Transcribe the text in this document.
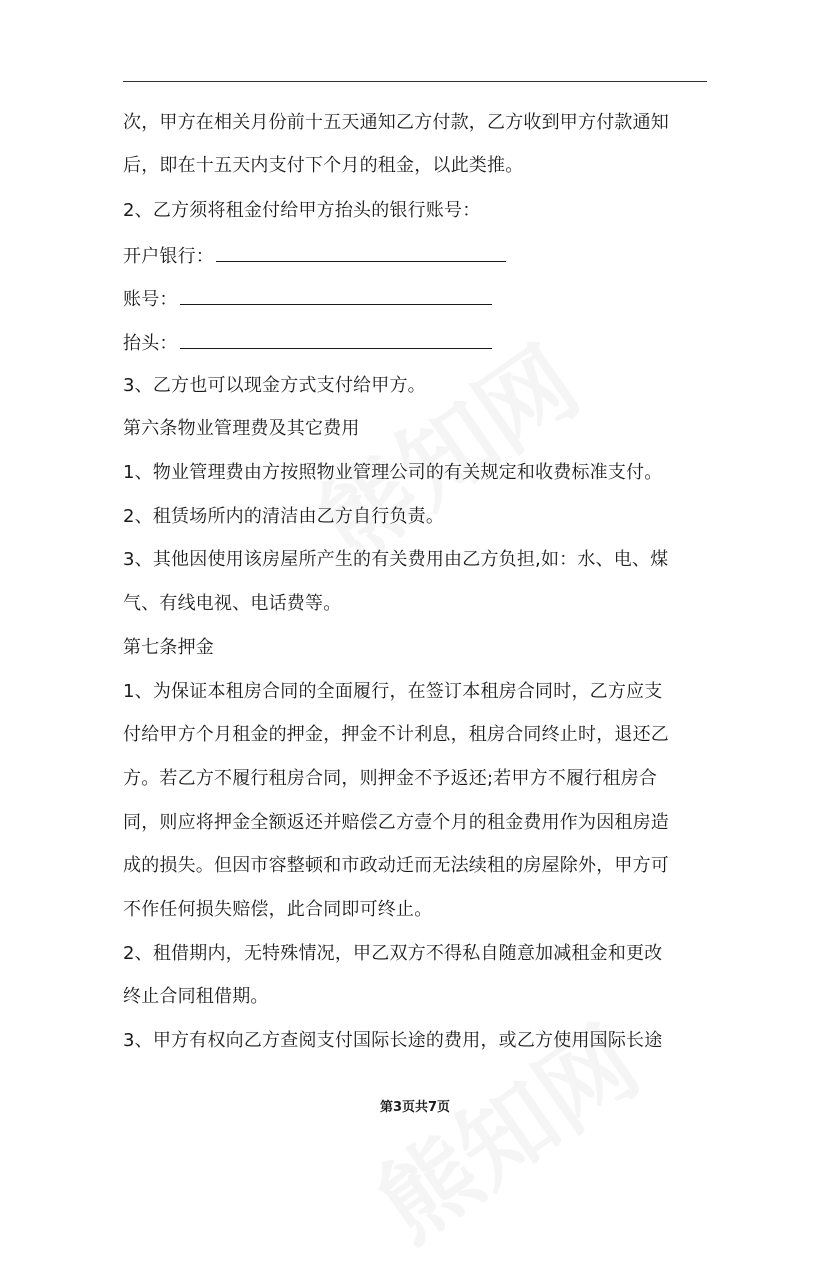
次，甲方在相关月份前十五天通知乙方付款，乙方收到甲方付款通知
后，即在十五天内支付下个月的租金，以此类推。
2、乙方须将租金付给甲方抬头的银行账号：
开户银行：
账号：
抬头：
3、乙方也可以现金方式支付给甲方。
第六条物业管理费及其它费用
1、物业管理费由方按照物业管理公司的有关规定和收费标准支付。
2、租赁场所内的清洁由乙方自行负责。
3、其他因使用该房屋所产生的有关费用由乙方负担,如：水、电、煤
气、有线电视、电话费等。
第七条押金
1、为保证本租房合同的全面履行，在签订本租房合同时，乙方应支
付给甲方个月租金的押金，押金不计利息，租房合同终止时，退还乙
方。若乙方不履行租房合同，则押金不予返还;若甲方不履行租房合
同，则应将押金全额返还并赔偿乙方壹个月的租金费用作为因租房造
成的损失。但因市容整顿和市政动迁而无法续租的房屋除外，甲方可
不作任何损失赔偿，此合同即可终止。
2、租借期内，无特殊情况，甲乙双方不得私自随意加减租金和更改
终止合同租借期。
3、甲方有权向乙方查阅支付国际长途的费用，或乙方使用国际长途
第3页共7页
